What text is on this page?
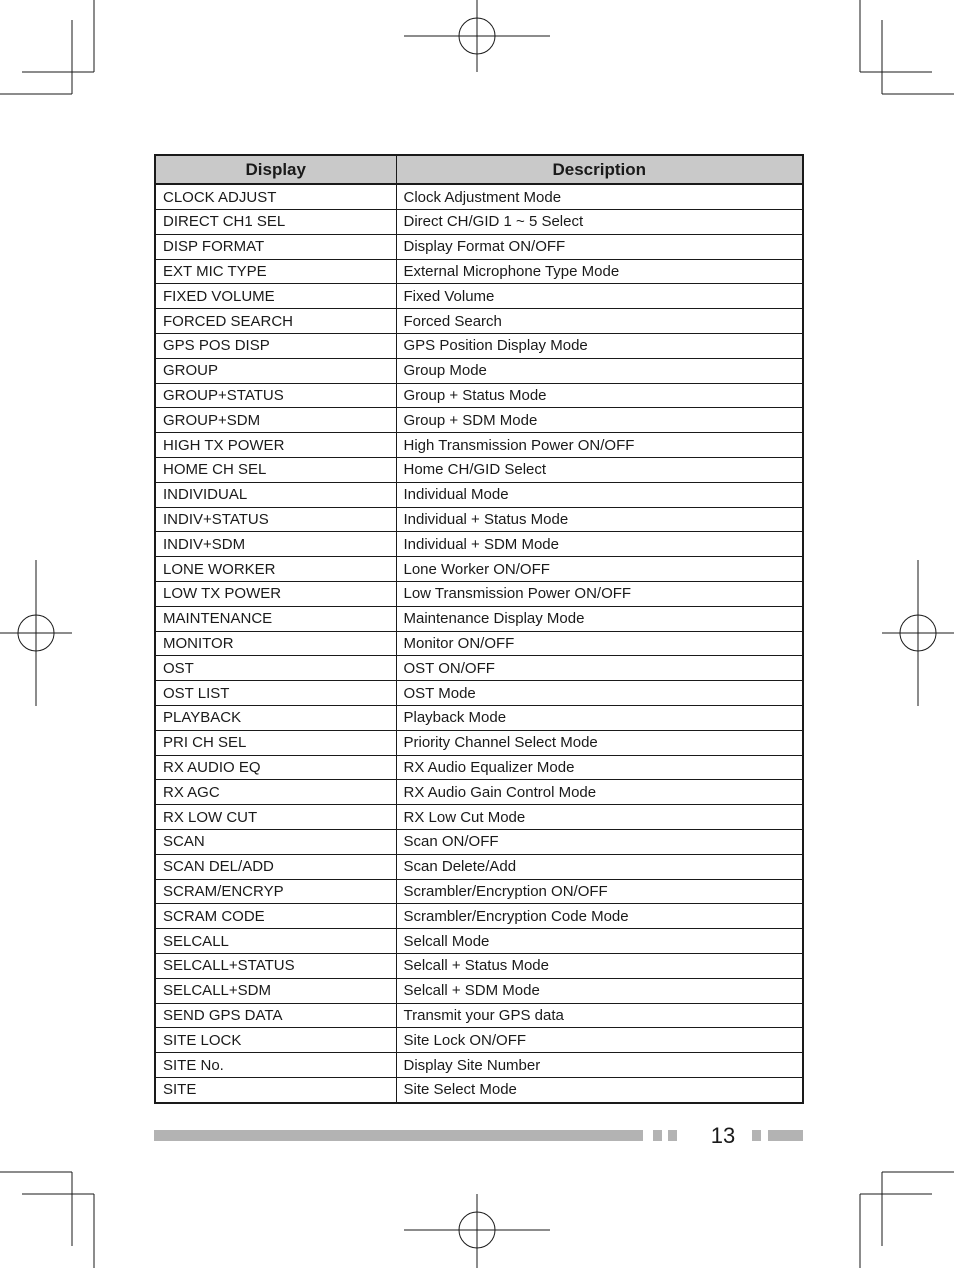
Display	Description
CLOCK ADJUST	Clock Adjustment Mode
DIRECT CH1 SEL	Direct CH/GID 1 ~ 5 Select
DISP FORMAT	Display Format ON/OFF
EXT MIC TYPE	External Microphone Type Mode
FIXED VOLUME	Fixed Volume
FORCED SEARCH	Forced Search
GPS POS DISP	GPS Position Display Mode
GROUP	Group Mode
GROUP+STATUS	Group + Status Mode
GROUP+SDM	Group + SDM Mode
HIGH TX POWER	High Transmission Power ON/OFF
HOME CH SEL	Home CH/GID Select
INDIVIDUAL	Individual Mode
INDIV+STATUS	Individual + Status Mode
INDIV+SDM	Individual + SDM Mode
LONE WORKER	Lone Worker ON/OFF
LOW TX POWER	Low Transmission Power ON/OFF
MAINTENANCE	Maintenance Display Mode
MONITOR	Monitor ON/OFF
OST	OST ON/OFF
OST LIST	OST Mode
PLAYBACK	Playback Mode
PRI CH SEL	Priority Channel Select Mode
RX AUDIO EQ	RX Audio Equalizer Mode
RX AGC	RX Audio Gain Control Mode
RX LOW CUT	RX Low Cut Mode
SCAN	Scan ON/OFF
SCAN DEL/ADD	Scan Delete/Add
SCRAM/ENCRYP	Scrambler/Encryption ON/OFF
SCRAM CODE	Scrambler/Encryption Code Mode
SELCALL	Selcall Mode
SELCALL+STATUS	Selcall + Status Mode
SELCALL+SDM	Selcall + SDM Mode
SEND GPS DATA	Transmit your GPS data
SITE LOCK	Site Lock ON/OFF
SITE No.	Display Site Number
SITE	Site Select Mode
13
